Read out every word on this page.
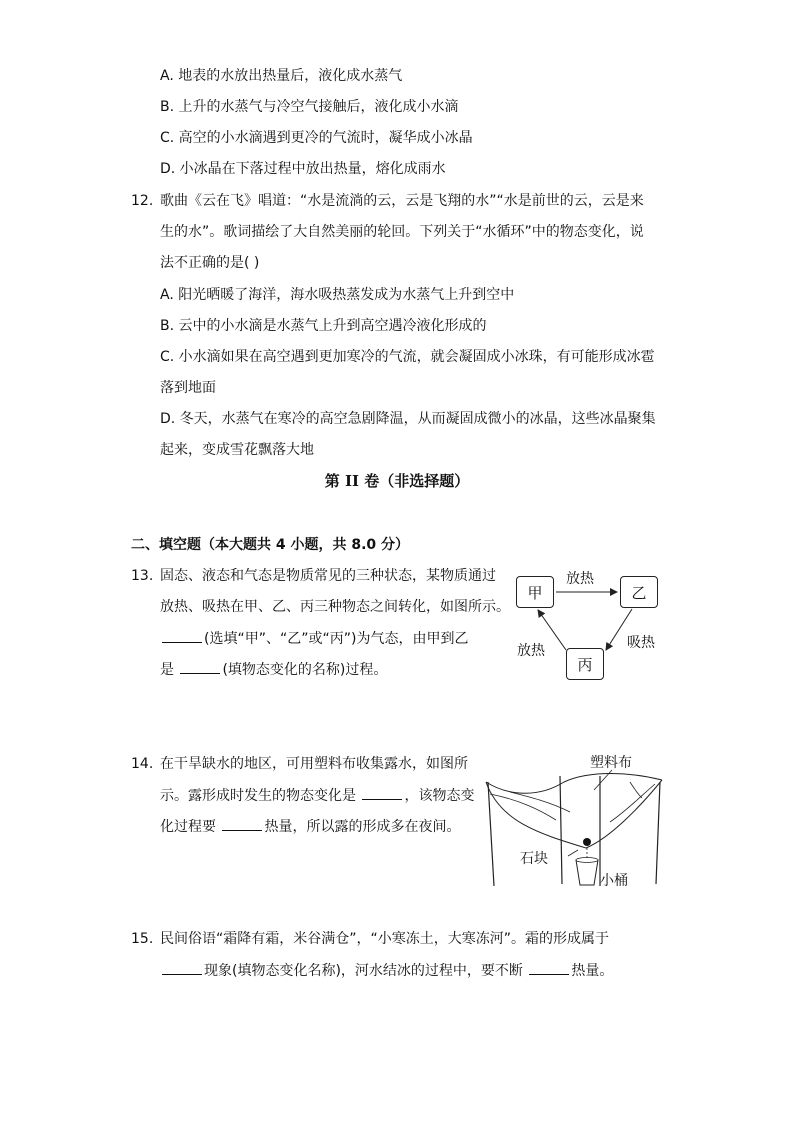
A. 地表的水放出热量后，液化成水蒸气
B. 上升的水蒸气与冷空气接触后，液化成小水滴
C. 高空的小水滴遇到更冷的气流时，凝华成小冰晶
D. 小冰晶在下落过程中放出热量，熔化成雨水
12. 歌曲《云在飞》唱道：“水是流淌的云，云是飞翔的水”“水是前世的云，云是来
生的水”。歌词描绘了大自然美丽的轮回。下列关于“水循环”中的物态变化，说
法不正确的是( )
A. 阳光晒暖了海洋，海水吸热蒸发成为水蒸气上升到空中
B. 云中的小水滴是水蒸气上升到高空遇冷液化形成的
C. 小水滴如果在高空遇到更加寒冷的气流，就会凝固成小冰珠，有可能形成冰雹
落到地面
D. 冬天，水蒸气在寒冷的高空急剧降温，从而凝固成微小的冰晶，这些冰晶聚集
起来，变成雪花飘落大地
第 II 卷（非选择题）
二、填空题（本大题共 4 小题，共 8.0 分）
13. 固态、液态和气态是物质常见的三种状态，某物质通过
放热、吸热在甲、乙、丙三种物态之间转化，如图所示。
(选填“甲”、“乙”或“丙”)为气态，由甲到乙
是	(填物态变化的名称)过程。
甲	乙
丙
放热
吸热
放热
14. 在干旱缺水的地区，可用塑料布收集露水，如图所
示。露形成时发生的物态变化是	，该物态变
化过程要	热量，所以露的形成多在夜间。
塑料布
石块
小桶
15. 民间俗语“霜降有霜，米谷满仓”，“小寒冻土，大寒冻河”。霜的形成属于
现象(填物态变化名称)，河水结冰的过程中，要不断	热量。
